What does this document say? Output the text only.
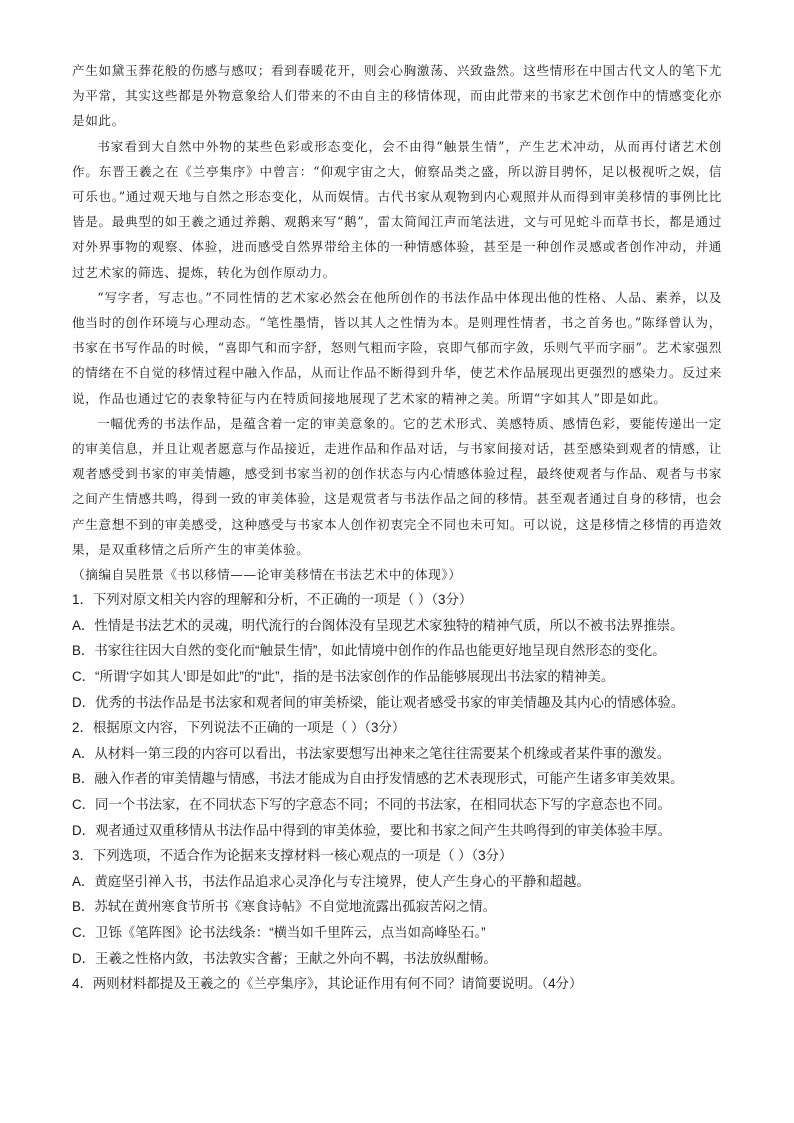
产生如黛玉葬花般的伤感与感叹；看到春暖花开，则会心胸激荡、兴致盎然。这些情形在中国古代文人的笔下尤为平常，其实这些都是外物意象给人们带来的不由自主的移情体现，而由此带来的书家艺术创作中的情感变化亦是如此。

书家看到大自然中外物的某些色彩或形态变化，会不由得“触景生情”，产生艺术冲动，从而再付诸艺术创作。东晋王羲之在《兰亭集序》中曾言：“仰观宇宙之大，俯察品类之盛，所以游目骋怀，足以极视听之娱，信可乐也。”通过观天地与自然之形态变化，从而娱情。古代书家从观物到内心观照并从而得到审美移情的事例比比皆是。最典型的如王羲之通过养鹅、观鹅来写“鹅”，雷太简闻江声而笔法进，文与可见蛇斗而草书长，都是通过对外界事物的观察、体验，进而感受自然界带给主体的一种情感体验，甚至是一种创作灵感或者创作冲动，并通过艺术家的筛选、提炼，转化为创作原动力。

“写字者，写志也。”不同性情的艺术家必然会在他所创作的书法作品中体现出他的性格、人品、素养，以及他当时的创作环境与心理动态。“笔性墨情，皆以其人之性情为本。是则理性情者，书之首务也。”陈绎曾认为，书家在书写作品的时候，“喜即气和而字舒，怒则气粗而字险，哀即气郁而字敛，乐则气平而字丽”。艺术家强烈的情绪在不自觉的移情过程中融入作品，从而让作品不断得到升华，使艺术作品展现出更强烈的感染力。反过来说，作品也通过它的表象特征与内在特质间接地展现了艺术家的精神之美。所谓“字如其人”即是如此。

一幅优秀的书法作品，是蕴含着一定的审美意象的。它的艺术形式、美感特质、感情色彩，要能传递出一定的审美信息，并且让观者愿意与作品接近，走进作品和作品对话，与书家间接对话，甚至感染到观者的情感，让观者感受到书家的审美情趣，感受到书家当初的创作状态与内心情感体验过程，最终使观者与作品、观者与书家之间产生情感共鸣，得到一致的审美体验，这是观赏者与书法作品之间的移情。甚至观者通过自身的移情，也会产生意想不到的审美感受，这种感受与书家本人创作初衷完全不同也未可知。可以说，这是移情之移情的再造效果，是双重移情之后所产生的审美体验。

（摘编自吴胜景《书以移情——论审美移情在书法艺术中的体现》）

1．下列对原文相关内容的理解和分析，不正确的一项是（ ）（3分）

A．性情是书法艺术的灵魂，明代流行的台阁体没有呈现艺术家独特的精神气质，所以不被书法界推崇。

B．书家往往因大自然的变化而“触景生情”，如此情境中创作的作品也能更好地呈现自然形态的变化。

C．“所谓‘字如其人’即是如此”的“此”，指的是书法家创作的作品能够展现出书法家的精神美。

D．优秀的书法作品是书法家和观者间的审美桥梁，能让观者感受书家的审美情趣及其内心的情感体验。

2．根据原文内容，下列说法不正确的一项是（ ）（3分）

A．从材料一第三段的内容可以看出，书法家要想写出神来之笔往往需要某个机缘或者某件事的激发。

B．融入作者的审美情趣与情感，书法才能成为自由抒发情感的艺术表现形式，可能产生诸多审美效果。

C．同一个书法家，在不同状态下写的字意态不同；不同的书法家，在相同状态下写的字意态也不同。

D．观者通过双重移情从书法作品中得到的审美体验，要比和书家之间产生共鸣得到的审美体验丰厚。

3．下列选项，不适合作为论据来支撑材料一核心观点的一项是（ ）（3分）

A．黄庭坚引禅入书，书法作品追求心灵净化与专注境界，使人产生身心的平静和超越。

B．苏轼在黄州寒食节所书《寒食诗帖》不自觉地流露出孤寂苦闷之情。

C．卫铄《笔阵图》论书法线条：“横当如千里阵云，点当如高峰坠石。”

D．王羲之性格内敛，书法敦实含蓄；王献之外向不羁，书法放纵酣畅。

4．两则材料都提及王羲之的《兰亭集序》，其论证作用有何不同？请简要说明。（4分）
